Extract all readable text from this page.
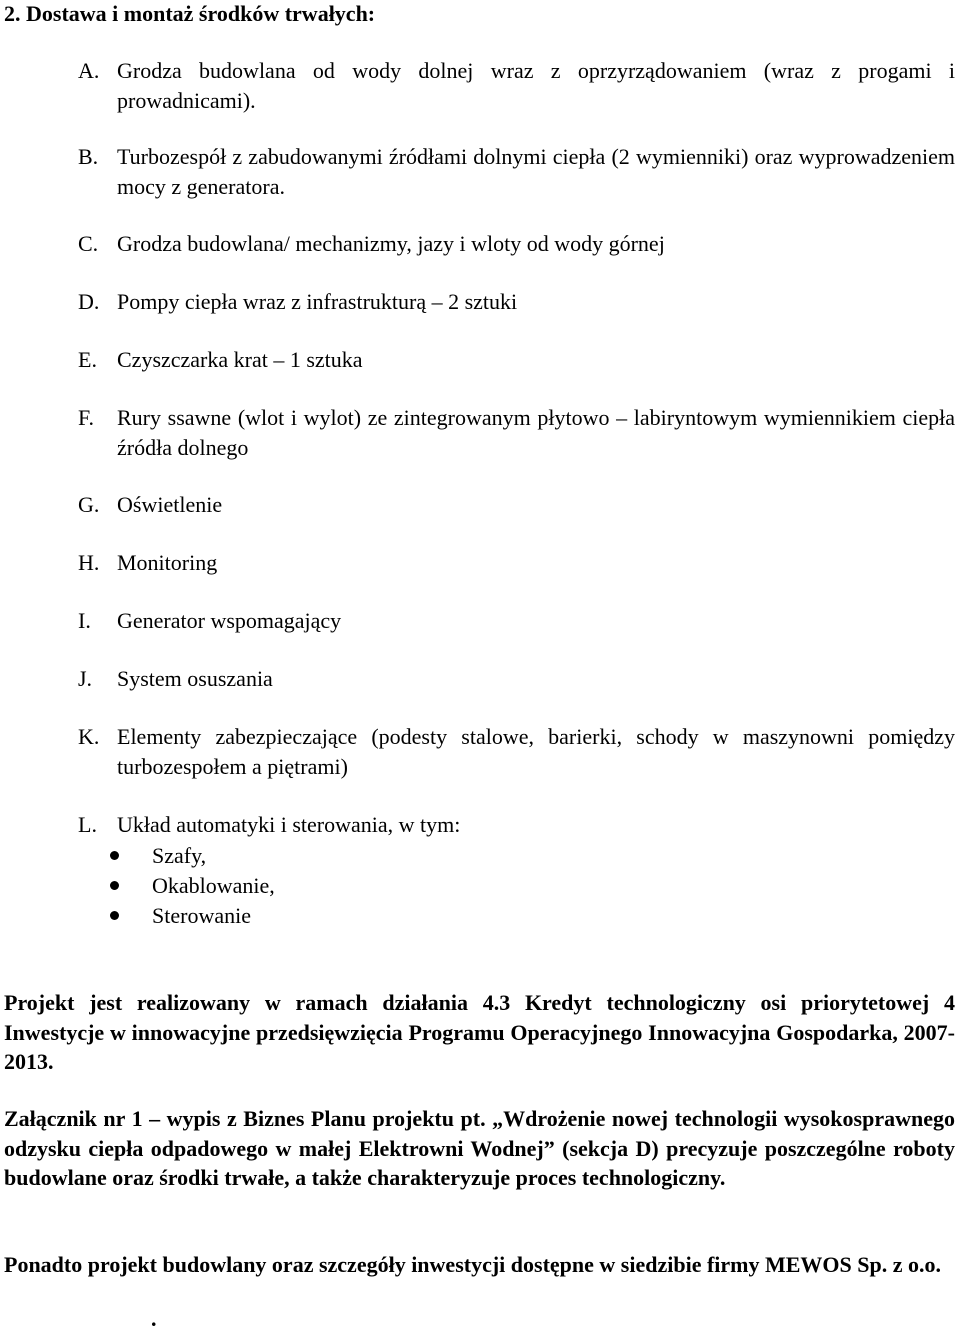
2. Dostawa i montaż środków trwałych:
A. Grodza budowlana od wody dolnej wraz z oprzyrządowaniem (wraz z progami i prowadnicami).
B. Turbozespół z zabudowanymi źródłami dolnymi ciepła (2 wymienniki) oraz wyprowadzeniem mocy z generatora.
C. Grodza budowlana/ mechanizmy, jazy i wloty od wody górnej
D. Pompy ciepła wraz z infrastrukturą – 2 sztuki
E. Czyszczarka krat – 1 sztuka
F. Rury ssawne (wlot i wylot) ze zintegrowanym płytowo – labiryntowym wymiennikiem ciepła źródła dolnego
G. Oświetlenie
H. Monitoring
I. Generator wspomagający
J. System osuszania
K. Elementy zabezpieczające (podesty stalowe, barierki, schody w maszynowni pomiędzy turbozespołem a piętrami)
L. Układ automatyki i sterowania, w tym:
Szafy,
Okablowanie,
Sterowanie

Projekt jest realizowany w ramach działania 4.3 Kredyt technologiczny osi priorytetowej 4 Inwestycje w innowacyjne przedsięwzięcia Programu Operacyjnego Innowacyjna Gospodarka, 2007-2013.

Załącznik nr 1 – wypis z Biznes Planu projektu pt. „Wdrożenie nowej technologii wysokosprawnego odzysku ciepła odpadowego w małej Elektrowni Wodnej” (sekcja D) precyzuje poszczególne roboty budowlane oraz środki trwałe, a także charakteryzuje proces technologiczny.

Ponadto projekt budowlany oraz szczegóły inwestycji dostępne w siedzibie firmy MEWOS Sp. z o.o.

.
